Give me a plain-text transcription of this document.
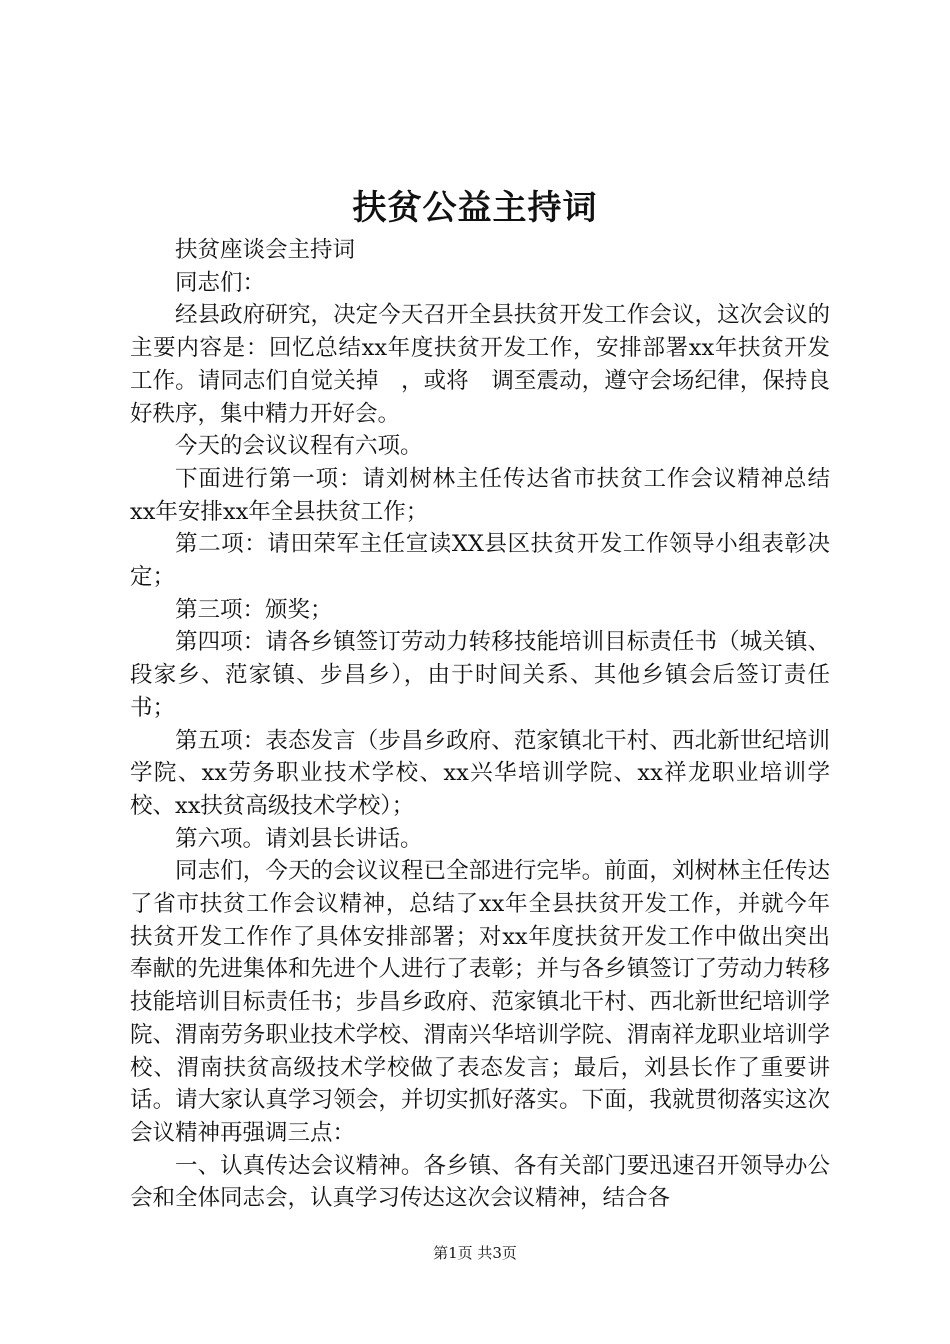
扶贫公益主持词

扶贫座谈会主持词

同志们：

经县政府研究，决定今天召开全县扶贫开发工作会议，这次会议的主要内容是：回忆总结xx年度扶贫开发工作，安排部署xx年扶贫开发工作。请同志们自觉关掉　，或将　调至震动，遵守会场纪律，保持良好秩序，集中精力开好会。

今天的会议议程有六项。

下面进行第一项：请刘树林主任传达省市扶贫工作会议精神总结xx年安排xx年全县扶贫工作；

第二项：请田荣军主任宣读XX县区扶贫开发工作领导小组表彰决定；

第三项：颁奖；

第四项：请各乡镇签订劳动力转移技能培训目标责任书（城关镇、段家乡、范家镇、步昌乡），由于时间关系、其他乡镇会后签订责任书；

第五项：表态发言（步昌乡政府、范家镇北干村、西北新世纪培训学院、xx劳务职业技术学校、xx兴华培训学院、xx祥龙职业培训学校、xx扶贫高级技术学校）；

第六项。请刘县长讲话。

同志们，今天的会议议程已全部进行完毕。前面，刘树林主任传达了省市扶贫工作会议精神，总结了xx年全县扶贫开发工作，并就今年扶贫开发工作作了具体安排部署；对xx年度扶贫开发工作中做出突出奉献的先进集体和先进个人进行了表彰；并与各乡镇签订了劳动力转移技能培训目标责任书；步昌乡政府、范家镇北干村、西北新世纪培训学院、渭南劳务职业技术学校、渭南兴华培训学院、渭南祥龙职业培训学校、渭南扶贫高级技术学校做了表态发言；最后，刘县长作了重要讲话。请大家认真学习领会，并切实抓好落实。下面，我就贯彻落实这次会议精神再强调三点：

一、认真传达会议精神。各乡镇、各有关部门要迅速召开领导办公会和全体同志会，认真学习传达这次会议精神，结合各

第1页 共3页
